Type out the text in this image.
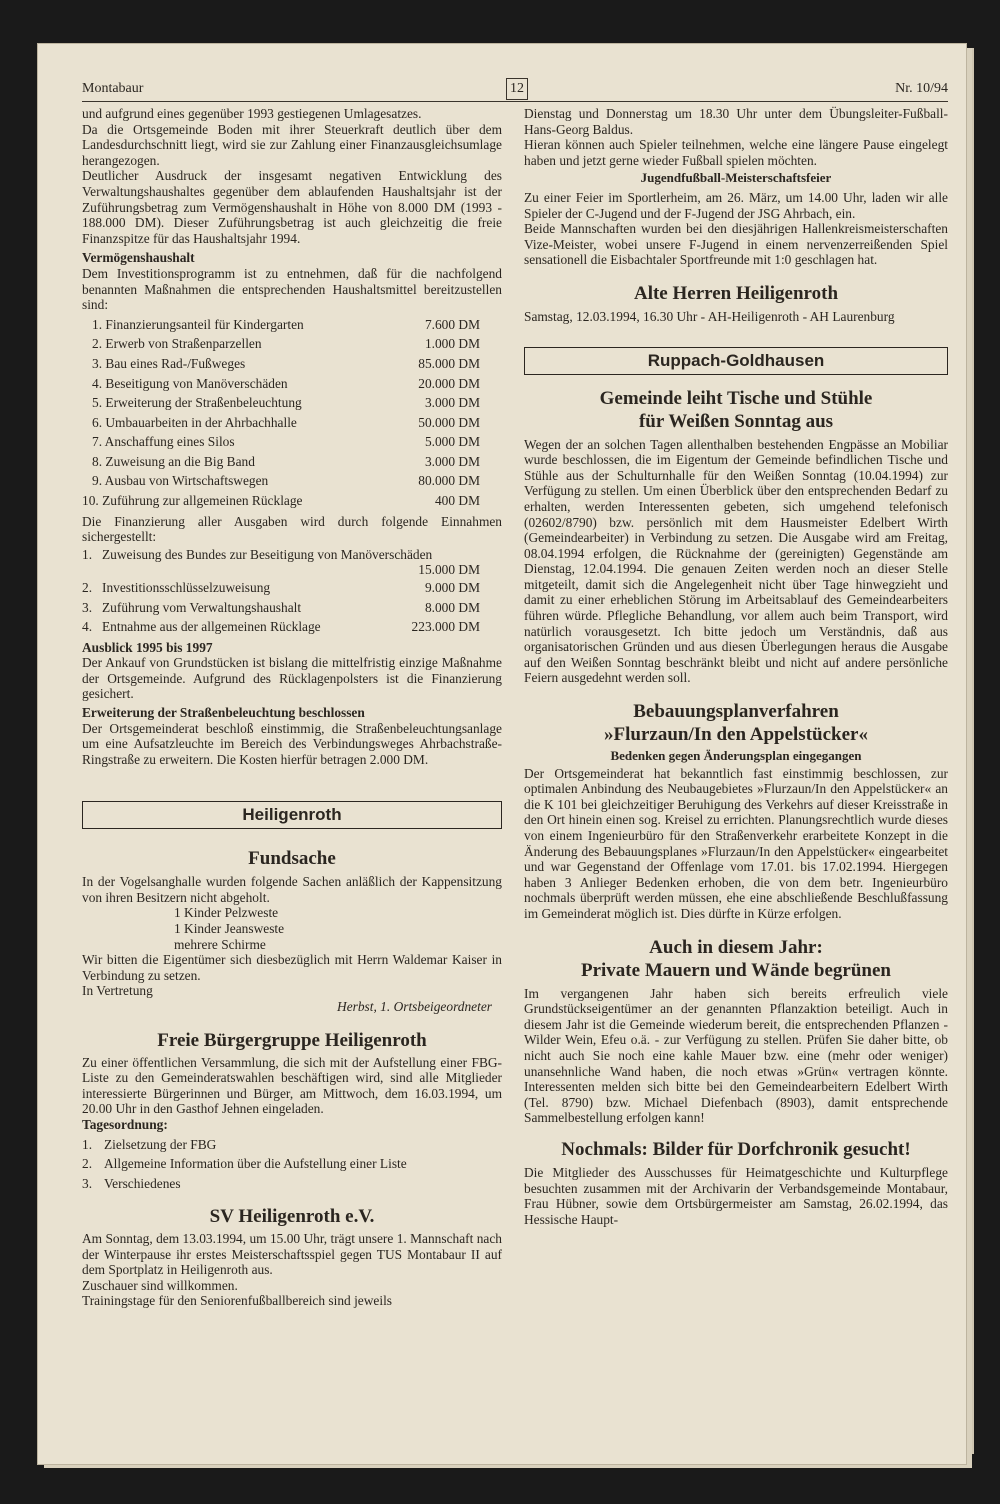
Montabaur	12	Nr. 10/94

und aufgrund eines gegenüber 1993 gestiegenen Umlagesatzes.

Da die Ortsgemeinde Boden mit ihrer Steuerkraft deutlich über dem Landesdurchschnitt liegt, wird sie zur Zahlung einer Finanzausgleichsumlage herangezogen.

Deutlicher Ausdruck der insgesamt negativen Entwicklung des Verwaltungshaushaltes gegenüber dem ablaufenden Haushaltsjahr ist der Zuführungsbetrag zum Vermögenshaushalt in Höhe von 8.000 DM (1993 - 188.000 DM). Dieser Zuführungsbetrag ist auch gleichzeitig die freie Finanzspitze für das Haushaltsjahr 1994.

Vermögenshaushalt

Dem Investitionsprogramm ist zu entnehmen, daß für die nachfolgend benannten Maßnahmen die entsprechenden Haushaltsmittel bereitzustellen sind:

1. Finanzierungsanteil für Kindergarten	7.600 DM
2. Erwerb von Straßenparzellen	1.000 DM
3. Bau eines Rad-/Fußweges	85.000 DM
4. Beseitigung von Manöverschäden	20.000 DM
5. Erweiterung der Straßenbeleuchtung	3.000 DM
6. Umbauarbeiten in der Ahrbachhalle	50.000 DM
7. Anschaffung eines Silos	5.000 DM
8. Zuweisung an die Big Band	3.000 DM
9. Ausbau von Wirtschaftswegen	80.000 DM
10. Zuführung zur allgemeinen Rücklage	400 DM

Die Finanzierung aller Ausgaben wird durch folgende Einnahmen sichergestellt:

1. Zuweisung des Bundes zur Beseitigung von Manöverschäden
15.000 DM
2. Investitionsschlüsselzuweisung	9.000 DM
3. Zuführung vom Verwaltungshaushalt	8.000 DM
4. Entnahme aus der allgemeinen Rücklage	223.000 DM

Ausblick 1995 bis 1997

Der Ankauf von Grundstücken ist bislang die mittelfristig einzige Maßnahme der Ortsgemeinde. Aufgrund des Rücklagenpolsters ist die Finanzierung gesichert.

Erweiterung der Straßenbeleuchtung beschlossen

Der Ortsgemeinderat beschloß einstimmig, die Straßenbeleuchtungsanlage um eine Aufsatzleuchte im Bereich des Verbindungsweges Ahrbachstraße-Ringstraße zu erweitern. Die Kosten hierfür betragen 2.000 DM.

Heiligenroth
Fundsache

In der Vogelsanghalle wurden folgende Sachen anläßlich der Kappensitzung von ihren Besitzern nicht abgeholt.

1 Kinder Pelzweste

1 Kinder Jeansweste

mehrere Schirme

Wir bitten die Eigentümer sich diesbezüglich mit Herrn Waldemar Kaiser in Verbindung zu setzen.

In Vertretung

Herbst, 1. Ortsbeigeordneter

Freie Bürgergruppe Heiligenroth

Zu einer öffentlichen Versammlung, die sich mit der Aufstellung einer FBG-Liste zu den Gemeinderatswahlen beschäftigen wird, sind alle Mitglieder interessierte Bürgerinnen und Bürger, am Mittwoch, dem 16.03.1994, um 20.00 Uhr in den Gasthof Jehnen eingeladen.

Tagesordnung:

1. Zielsetzung der FBG
2. Allgemeine Information über die Aufstellung einer Liste
3. Verschiedenes
SV Heiligenroth e.V.

Am Sonntag, dem 13.03.1994, um 15.00 Uhr, trägt unsere 1. Mannschaft nach der Winterpause ihr erstes Meisterschaftsspiel gegen TUS Montabaur II auf dem Sportplatz in Heiligenroth aus.

Zuschauer sind willkommen.

Trainingstage für den Seniorenfußballbereich sind jeweils

Dienstag und Donnerstag um 18.30 Uhr unter dem Übungsleiter-Fußball-Hans-Georg Baldus.

Hieran können auch Spieler teilnehmen, welche eine längere Pause eingelegt haben und jetzt gerne wieder Fußball spielen möchten.

Jugendfußball-Meisterschaftsfeier

Zu einer Feier im Sportlerheim, am 26. März, um 14.00 Uhr, laden wir alle Spieler der C-Jugend und der F-Jugend der JSG Ahrbach, ein.

Beide Mannschaften wurden bei den diesjährigen Hallenkreismeisterschaften Vize-Meister, wobei unsere F-Jugend in einem nervenzerreißenden Spiel sensationell die Eisbachtaler Sportfreunde mit 1:0 geschlagen hat.

Alte Herren Heiligenroth

Samstag, 12.03.1994, 16.30 Uhr - AH-Heiligenroth - AH Laurenburg

Ruppach-Goldhausen
Gemeinde leiht Tische und Stühle
für Weißen Sonntag aus

Wegen der an solchen Tagen allenthalben bestehenden Engpässe an Mobiliar wurde beschlossen, die im Eigentum der Gemeinde befindlichen Tische und Stühle aus der Schulturnhalle für den Weißen Sonntag (10.04.1994) zur Verfügung zu stellen. Um einen Überblick über den entsprechenden Bedarf zu erhalten, werden Interessenten gebeten, sich umgehend telefonisch (02602/8790) bzw. persönlich mit dem Hausmeister Edelbert Wirth (Gemeindearbeiter) in Verbindung zu setzen. Die Ausgabe wird am Freitag, 08.04.1994 erfolgen, die Rücknahme der (gereinigten) Gegenstände am Dienstag, 12.04.1994. Die genauen Zeiten werden noch an dieser Stelle mitgeteilt, damit sich die Angelegenheit nicht über Tage hinwegzieht und damit zu einer erheblichen Störung im Arbeitsablauf des Gemeindearbeiters führen würde. Pflegliche Behandlung, vor allem auch beim Transport, wird natürlich vorausgesetzt. Ich bitte jedoch um Verständnis, daß aus organisatorischen Gründen und aus diesen Überlegungen heraus die Ausgabe auf den Weißen Sonntag beschränkt bleibt und nicht auf andere persönliche Feiern ausgedehnt werden soll.

Bebauungsplanverfahren
»Flurzaun/In den Appelstücker«

Bedenken gegen Änderungsplan eingegangen

Der Ortsgemeinderat hat bekanntlich fast einstimmig beschlossen, zur optimalen Anbindung des Neubaugebietes »Flurzaun/In den Appelstücker« an die K 101 bei gleichzeitiger Beruhigung des Verkehrs auf dieser Kreisstraße in den Ort hinein einen sog. Kreisel zu errichten. Planungsrechtlich wurde dieses von einem Ingenieurbüro für den Straßenverkehr erarbeitete Konzept in die Änderung des Bebauungsplanes »Flurzaun/In den Appelstücker« eingearbeitet und war Gegenstand der Offenlage vom 17.01. bis 17.02.1994. Hiergegen haben 3 Anlieger Bedenken erhoben, die von dem betr. Ingenieurbüro nochmals überprüft werden müssen, ehe eine abschließende Beschlußfassung im Gemeinderat möglich ist. Dies dürfte in Kürze erfolgen.

Auch in diesem Jahr:
Private Mauern und Wände begrünen

Im vergangenen Jahr haben sich bereits erfreulich viele Grundstückseigentümer an der genannten Pflanzaktion beteiligt. Auch in diesem Jahr ist die Gemeinde wiederum bereit, die entsprechenden Pflanzen - Wilder Wein, Efeu o.ä. - zur Verfügung zu stellen. Prüfen Sie daher bitte, ob nicht auch Sie noch eine kahle Mauer bzw. eine (mehr oder weniger) unansehnliche Wand haben, die noch etwas »Grün« vertragen könnte. Interessenten melden sich bitte bei den Gemeindearbeitern Edelbert Wirth (Tel. 8790) bzw. Michael Diefenbach (8903), damit entsprechende Sammelbestellung erfolgen kann!

Nochmals: Bilder für Dorfchronik gesucht!

Die Mitglieder des Ausschusses für Heimatgeschichte und Kulturpflege besuchten zusammen mit der Archivarin der Verbandsgemeinde Montabaur, Frau Hübner, sowie dem Ortsbürgermeister am Samstag, 26.02.1994, das Hessische Haupt-
